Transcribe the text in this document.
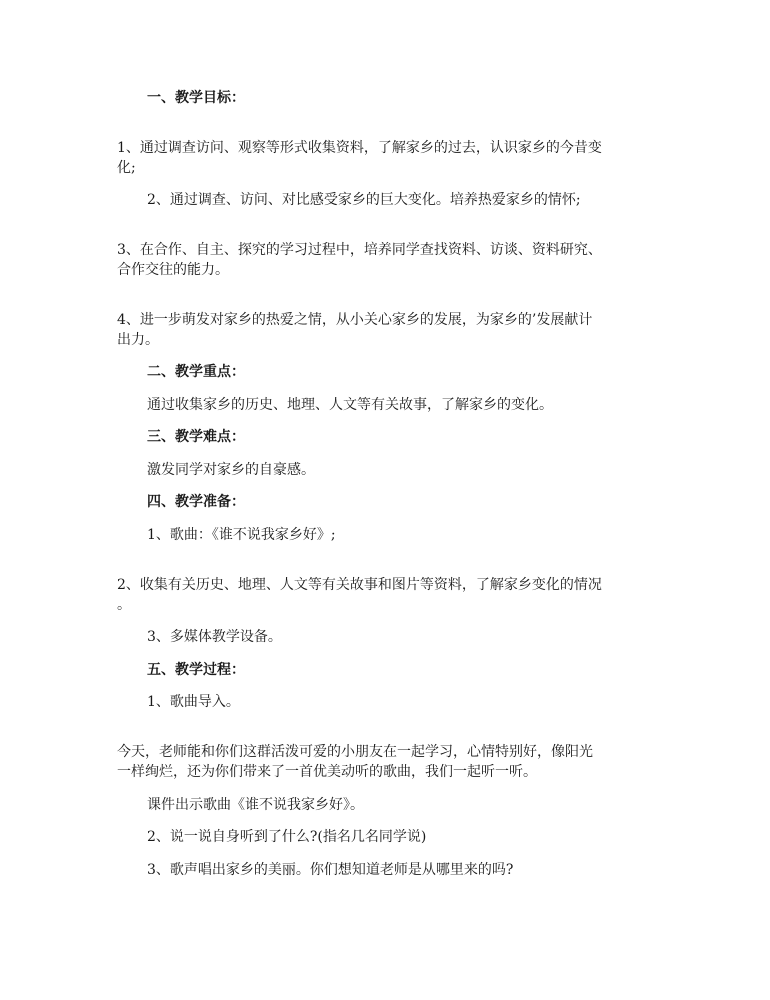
一、教学目标：
1、通过调查访问、观察等形式收集资料，了解家乡的过去，认识家乡的今昔变
化;
2、通过调查、访问、对比感受家乡的巨大变化。培养热爱家乡的情怀;
3、在合作、自主、探究的学习过程中，培养同学查找资料、访谈、资料研究、
合作交往的能力。
4、进一步萌发对家乡的热爱之情，从小关心家乡的发展，为家乡的’发展献计
出力。
二、教学重点：
通过收集家乡的历史、地理、人文等有关故事，了解家乡的变化。
三、教学难点：
激发同学对家乡的自豪感。
四、教学准备：
1、歌曲：《谁不说我家乡好》;
2、收集有关历史、地理、人文等有关故事和图片等资料，了解家乡变化的情况
。
3、多媒体教学设备。
五、教学过程：
1、歌曲导入。
今天，老师能和你们这群活泼可爱的小朋友在一起学习，心情特别好，像阳光
一样绚烂，还为你们带来了一首优美动听的歌曲，我们一起听一听。
课件出示歌曲《谁不说我家乡好》。
2、说一说自身听到了什么?(指名几名同学说)
3、歌声唱出家乡的美丽。你们想知道老师是从哪里来的吗?
